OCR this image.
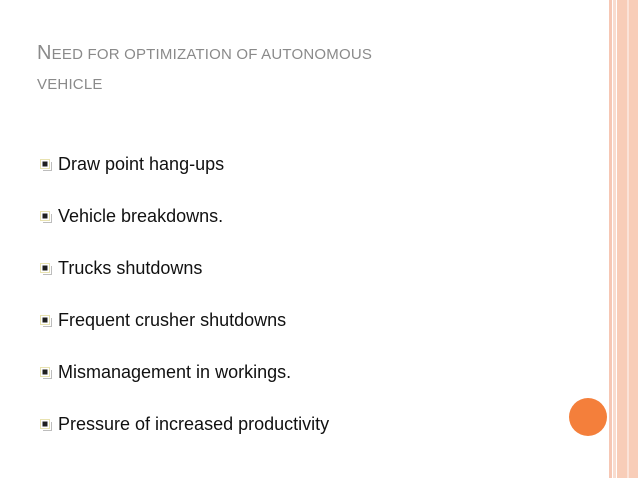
NEED FOR OPTIMIZATION OF AUTONOMOUS
VEHICLE
Draw point hang-ups
Vehicle breakdowns.
Trucks shutdowns
Frequent crusher shutdowns
Mismanagement in workings.
Pressure of increased productivity
